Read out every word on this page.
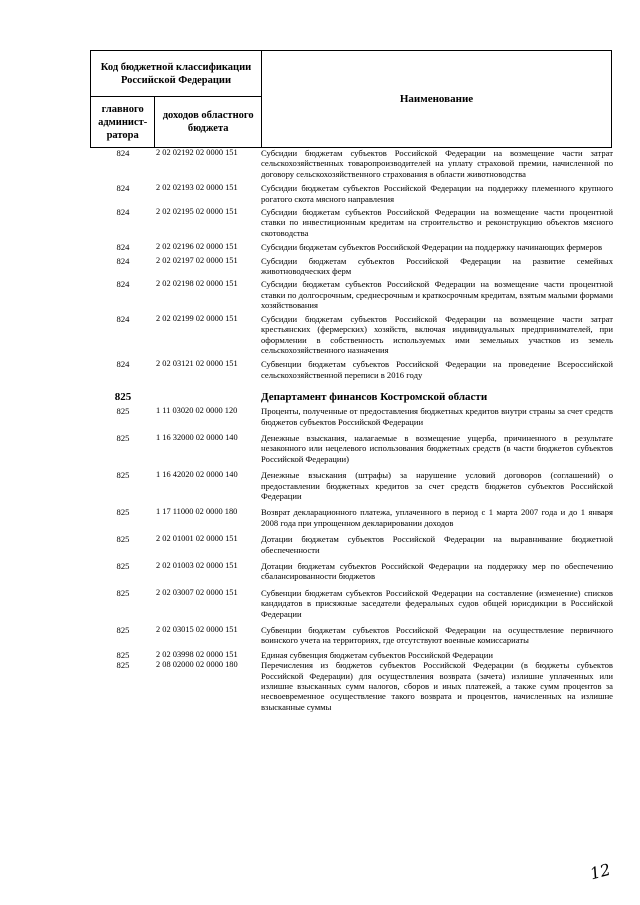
Код бюджетной классификации Российской Федерации		Наименование
главного админист-ратора	доходов областного бюджета	
824	2 02 02192 02 0000 151	Субсидии бюджетам субъектов Российской Федерации на возмещение части затрат сельскохозяйственных товаропроизводителей на уплату страховой премии, начисленной по договору сельскохозяйственного страхования в области животноводства
824	2 02 02193 02 0000 151	Субсидии бюджетам субъектов Российской Федерации на поддержку племенного крупного рогатого скота мясного направления
824	2 02 02195 02 0000 151	Субсидии бюджетам субъектов Российской Федерации на возмещение части процентной ставки по инвестиционным кредитам на строительство и реконструкцию объектов мясного скотоводства
824	2 02 02196 02 0000 151	Субсидии бюджетам субъектов Российской Федерации на поддержку начинающих фермеров
824	2 02 02197 02 0000 151	Субсидии бюджетам субъектов Российской Федерации на развитие семейных животноводческих ферм
824	2 02 02198 02 0000 151	Субсидии бюджетам субъектов Российской Федерации на возмещение части процентной ставки по долгосрочным, среднесрочным и краткосрочным кредитам, взятым малыми формами хозяйствования
824	2 02 02199 02 0000 151	Субсидии бюджетам субъектов Российской Федерации на возмещение части затрат крестьянских (фермерских) хозяйств, включая индивидуальных предпринимателей, при оформлении в собственность используемых ими земельных участков из земель сельскохозяйственного назначения
824	2 02 03121 02 0000 151	Субвенции бюджетам субъектов Российской Федерации на проведение Всероссийской сельскохозяйственной переписи в 2016 году
825	Департамент финансов Костромской области
825	1 11 03020 02 0000 120	Проценты, полученные от предоставления бюджетных кредитов внутри страны за счет средств бюджетов субъектов Российской Федерации
825	1 16 32000 02 0000 140	Денежные взыскания, налагаемые в возмещение ущерба, причиненного в результате незаконного или нецелевого использования бюджетных средств (в части бюджетов субъектов Российской Федерации)
825	1 16 42020 02 0000 140	Денежные взыскания (штрафы) за нарушение условий договоров (соглашений) о предоставлении бюджетных кредитов за счет средств бюджетов субъектов Российской Федерации
825	1 17 11000 02 0000 180	Возврат декларационного платежа, уплаченного в период с 1 марта 2007 года и до 1 января 2008 года при упрощенном декларировании доходов
825	2 02 01001 02 0000 151	Дотации бюджетам субъектов Российской Федерации на выравнивание бюджетной обеспеченности
825	2 02 01003 02 0000 151	Дотации бюджетам субъектов Российской Федерации на поддержку мер по обеспечению сбалансированности бюджетов
825	2 02 03007 02 0000 151	Субвенции бюджетам субъектов Российской Федерации на составление (изменение) списков кандидатов в присяжные заседатели федеральных судов общей юрисдикции в Российской Федерации
825	2 02 03015 02 0000 151	Субвенции бюджетам субъектов Российской Федерации на осуществление первичного воинского учета на территориях, где отсутствуют военные комиссариаты
825	2 02 03998 02 0000 151	Единая субвенция бюджетам субъектов Российской Федерации
825	2 08 02000 02 0000 180	Перечисления из бюджетов субъектов Российской Федерации (в бюджеты субъектов Российской Федерации) для осуществления возврата (зачета) излишне уплаченных или излишне взысканных сумм налогов, сборов и иных платежей, а также сумм процентов за несвоевременное осуществление такого возврата и процентов, начисленных на излишне взысканные суммы
12
